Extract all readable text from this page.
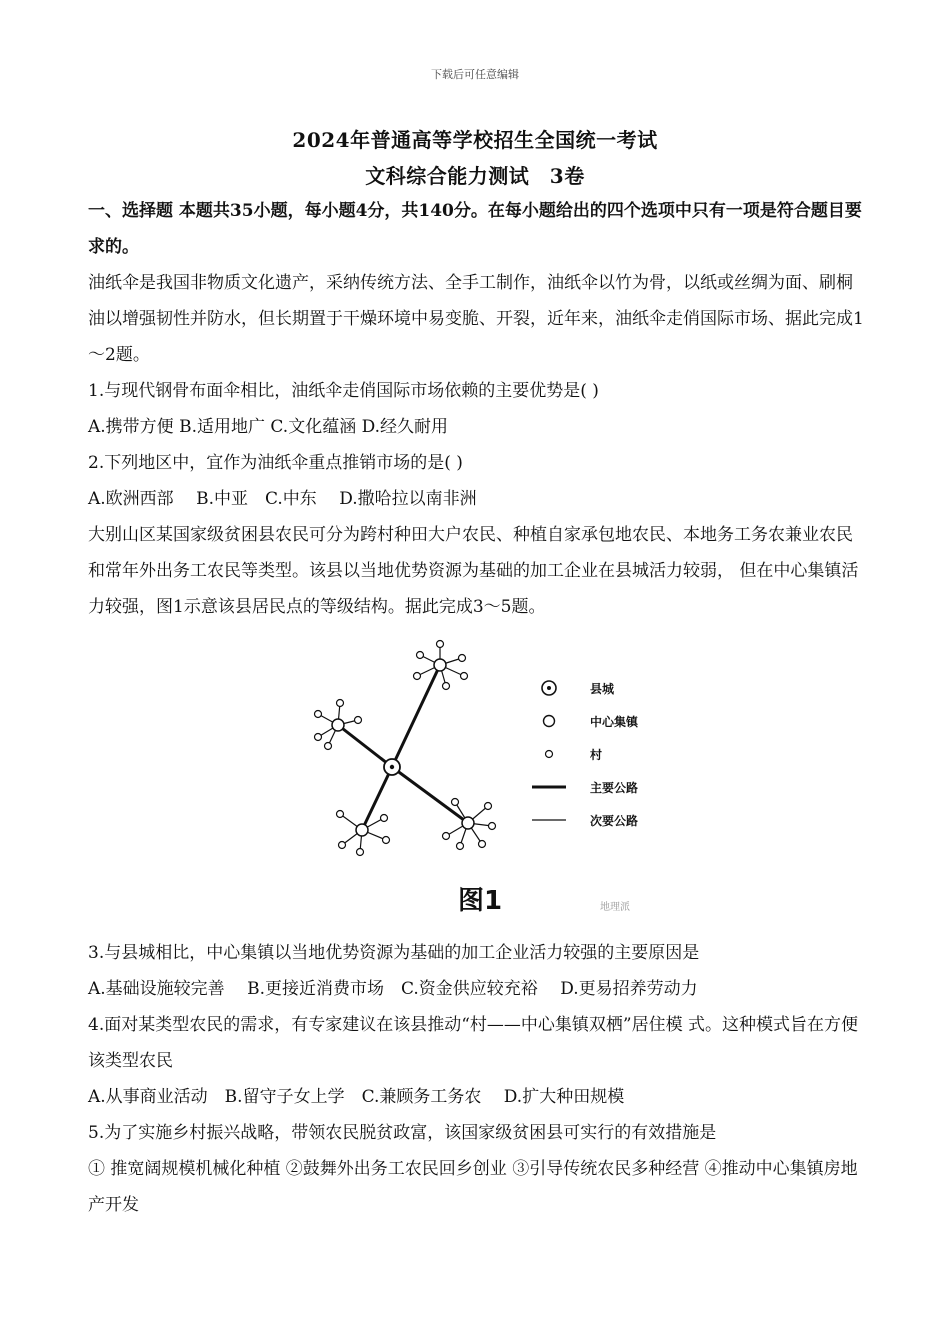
下载后可任意编辑
2024年普通高等学校招生全国统一考试
文科综合能力测试　3卷

一、选择题 本题共35小题，每小题4分，共140分。在每小题给出的四个选项中只有一项是符合题目要求的。

油纸伞是我国非物质文化遗产，采纳传统方法、全手工制作，油纸伞以竹为骨，以纸或丝绸为面、刷桐油以增强韧性并防水，但长期置于干燥环境中易变脆、开裂，近年来，油纸伞走俏国际市场、据此完成1～2题。

1.与现代钢骨布面伞相比，油纸伞走俏国际市场依赖的主要优势是( )

A.携带方便 B.适用地广 C.文化蕴涵 D.经久耐用

2.下列地区中，宜作为油纸伞重点推销市场的是( )

A.欧洲西部　 B.中亚　C.中东　 D.撒哈拉以南非洲

大别山区某国家级贫困县农民可分为跨村种田大户农民、种植自家承包地农民、本地务工务农兼业农民和常年外出务工农民等类型。该县以当地优势资源为基础的加工企业在县城活力较弱， 但在中心集镇活力较强，图1示意该县居民点的等级结构。据此完成3～5题。

县城
中心集镇
村
主要公路
次要公路
图1	地理派

3.与县城相比，中心集镇以当地优势资源为基础的加工企业活力较强的主要原因是

A.基础设施较完善　 B.更接近消费市场　C.资金供应较充裕　 D.更易招养劳动力

4.面对某类型农民的需求，有专家建议在该县推动“村——中心集镇双栖”居住模 式。这种模式旨在方便该类型农民

A.从事商业活动　B.留守子女上学　C.兼顾务工务农　 D.扩大种田规模

5.为了实施乡村振兴战略，带领农民脱贫政富，该国家级贫困县可实行的有效措施是

① 推宽阔规模机械化种植 ②鼓舞外出务工农民回乡创业 ③引导传统农民多种经营 ④推动中心集镇房地产开发
